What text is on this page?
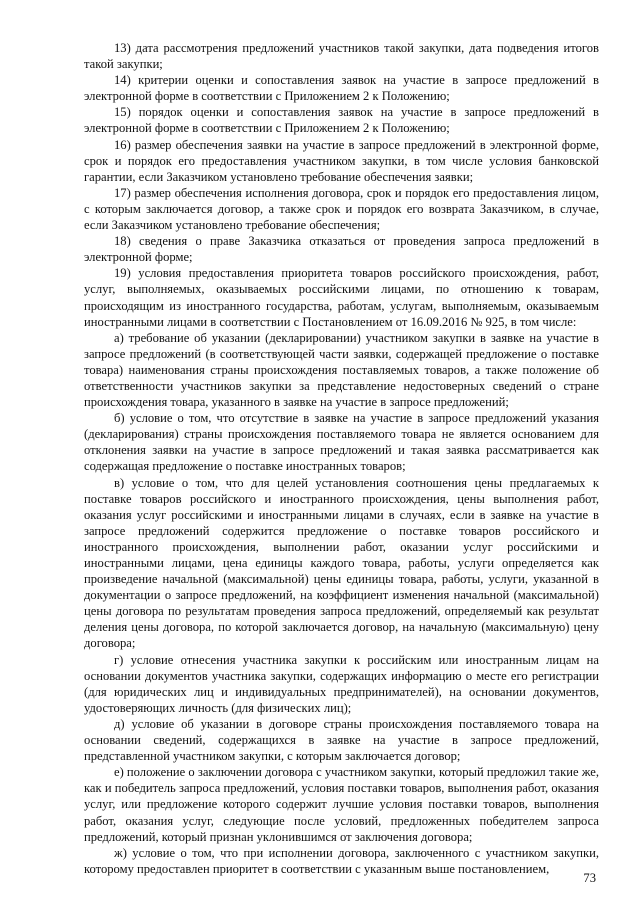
13) дата рассмотрения предложений участников такой закупки, дата подведения итогов такой закупки;

14) критерии оценки и сопоставления заявок на участие в запросе предложений в электронной форме в соответствии с Приложением 2 к Положению;

15) порядок оценки и сопоставления заявок на участие в запросе предложений в электронной форме в соответствии с Приложением 2 к Положению;

16) размер обеспечения заявки на участие в запросе предложений в электронной форме, срок и порядок его предоставления участником закупки, в том числе условия банковской гарантии, если Заказчиком установлено требование обеспечения заявки;

17) размер обеспечения исполнения договора, срок и порядок его предоставления лицом, с которым заключается договор, а также срок и порядок его возврата Заказчиком, в случае, если Заказчиком установлено требование обеспечения;

18) сведения о праве Заказчика отказаться от проведения запроса предложений в электронной форме;

19) условия предоставления приоритета товаров российского происхождения, работ, услуг, выполняемых, оказываемых российскими лицами, по отношению к товарам, происходящим из иностранного государства, работам, услугам, выполняемым, оказываемым иностранными лицами в соответствии с Постановлением от 16.09.2016 № 925, в том числе:

а) требование об указании (декларировании) участником закупки в заявке на участие в запросе предложений (в соответствующей части заявки, содержащей предложение о поставке товара) наименования страны происхождения поставляемых товаров, а также положение об ответственности участников закупки за представление недостоверных сведений о стране происхождения товара, указанного в заявке на участие в запросе предложений;

б) условие о том, что отсутствие в заявке на участие в запросе предложений указания (декларирования) страны происхождения поставляемого товара не является основанием для отклонения заявки на участие в запросе предложений и такая заявка рассматривается как содержащая предложение о поставке иностранных товаров;

в) условие о том, что для целей установления соотношения цены предлагаемых к поставке товаров российского и иностранного происхождения, цены выполнения работ, оказания услуг российскими и иностранными лицами в случаях, если в заявке на участие в запросе предложений содержится предложение о поставке товаров российского и иностранного происхождения, выполнении работ, оказании услуг российскими и иностранными лицами, цена единицы каждого товара, работы, услуги определяется как произведение начальной (максимальной) цены единицы товара, работы, услуги, указанной в документации о запросе предложений, на коэффициент изменения начальной (максимальной) цены договора по результатам проведения запроса предложений, определяемый как результат деления цены договора, по которой заключается договор, на начальную (максимальную) цену договора;

г) условие отнесения участника закупки к российским или иностранным лицам на основании документов участника закупки, содержащих информацию о месте его регистрации (для юридических лиц и индивидуальных предпринимателей), на основании документов, удостоверяющих личность (для физических лиц);

д) условие об указании в договоре страны происхождения поставляемого товара на основании сведений, содержащихся в заявке на участие в запросе предложений, представленной участником закупки, с которым заключается договор;

е) положение о заключении договора с участником закупки, который предложил такие же, как и победитель запроса предложений, условия поставки товаров, выполнения работ, оказания услуг, или предложение которого содержит лучшие условия поставки товаров, выполнения работ, оказания услуг, следующие после условий, предложенных победителем запроса предложений, который признан уклонившимся от заключения договора;

ж) условие о том, что при исполнении договора, заключенного с участником закупки, которому предоставлен приоритет в соответствии с указанным выше постановлением,

73
